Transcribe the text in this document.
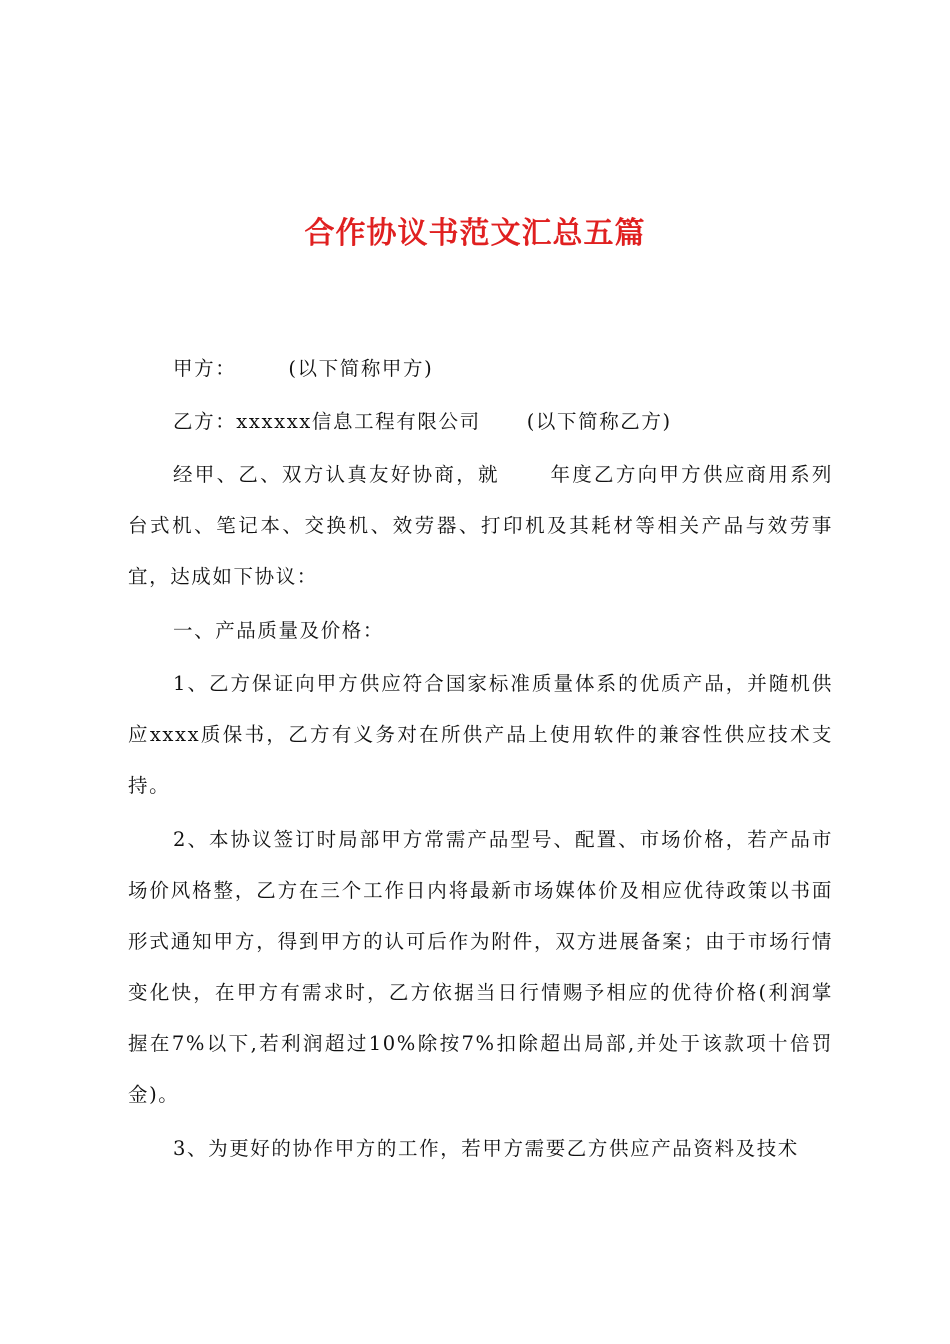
合作协议书范文汇总五篇

甲方：	(以下简称甲方)

乙方：xxxxxx信息工程有限公司 (以下简称乙方)

经甲、乙、双方认真友好协商，就	年度乙方向甲方供应商用系列台式机、笔记本、交换机、效劳器、打印机及其耗材等相关产品与效劳事宜，达成如下协议：

一、产品质量及价格：

1、乙方保证向甲方供应符合国家标准质量体系的优质产品，并随机供应xxxx质保书，乙方有义务对在所供产品上使用软件的兼容性供应技术支持。

2、本协议签订时局部甲方常需产品型号、配置、市场价格，若产品市场价风格整，乙方在三个工作日内将最新市场媒体价及相应优待政策以书面形式通知甲方，得到甲方的认可后作为附件，双方进展备案；由于市场行情变化快，在甲方有需求时，乙方依据当日行情赐予相应的优待价格(利润掌握在7%以下,若利润超过10%除按7%扣除超出局部,并处于该款项十倍罚金)。

3、为更好的协作甲方的工作，若甲方需要乙方供应产品资料及技术
